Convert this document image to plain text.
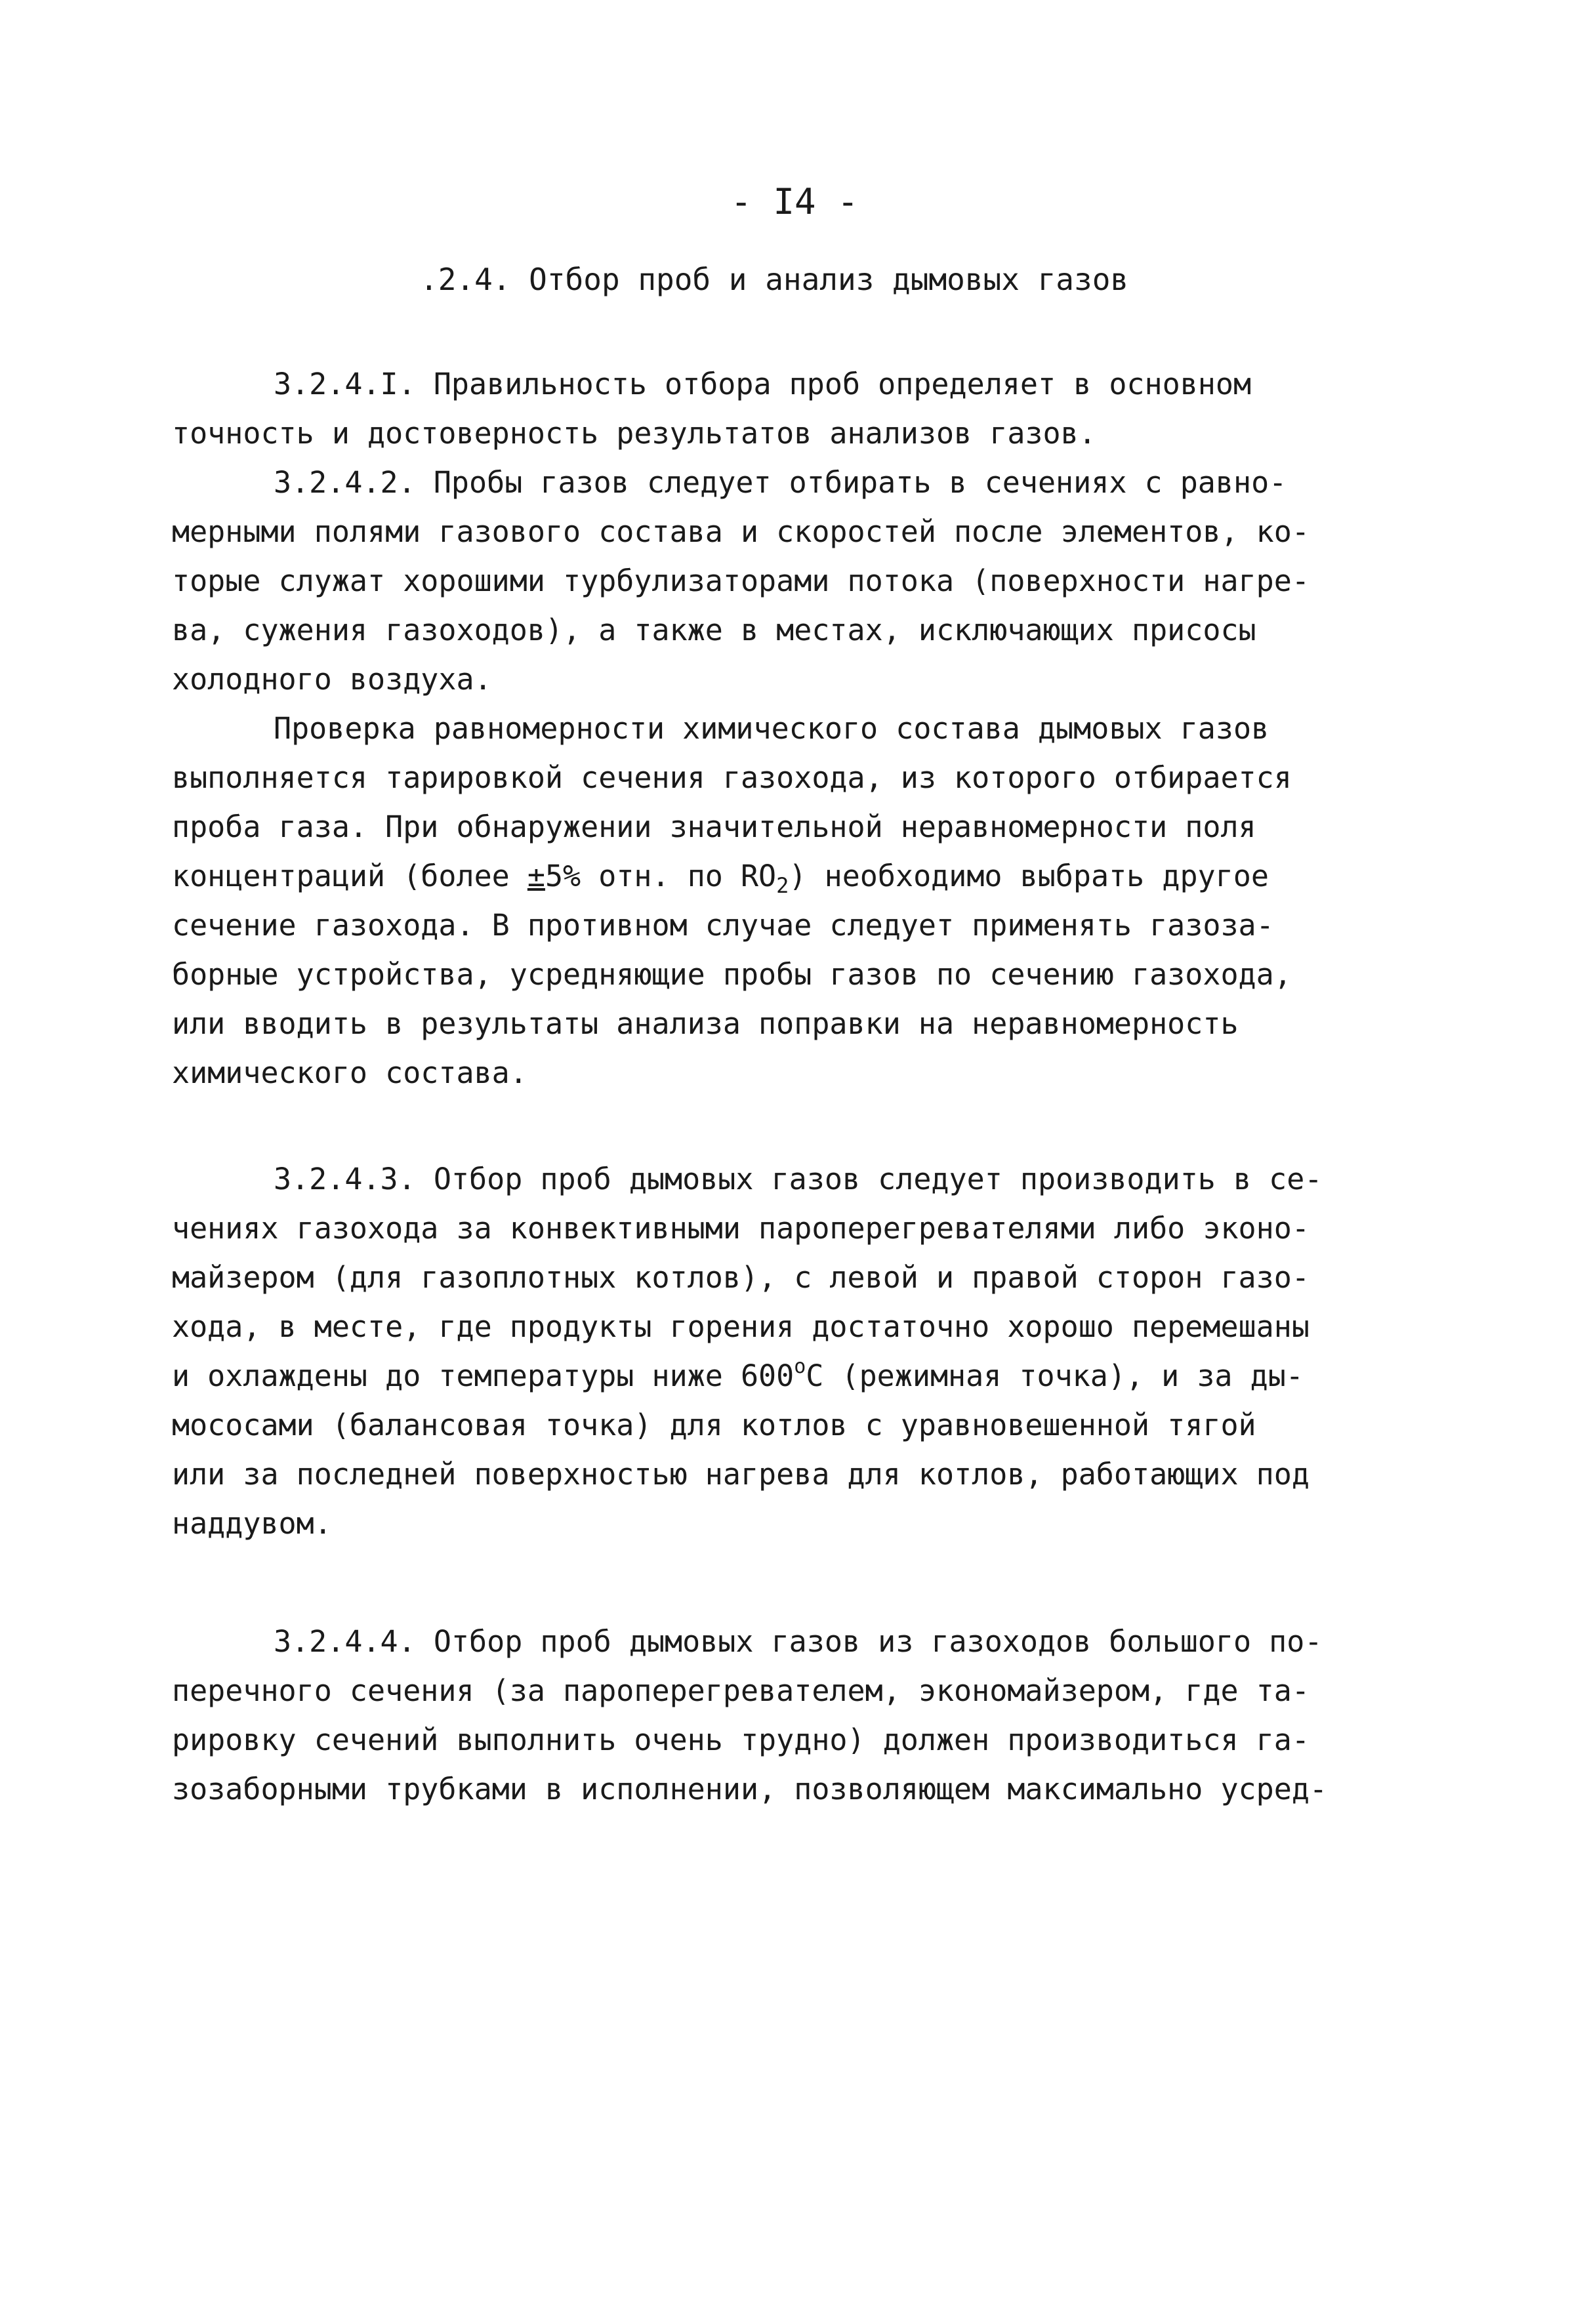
- I4 -
.2.4. Отбор проб и анализ дымовых газов
3.2.4.I. Правильность отбора проб определяет в основном
точность и достоверность результатов анализов газов.
3.2.4.2. Пробы газов следует отбирать в сечениях с равно-
мерными полями газового состава и скоростей после элементов, ко-
торые служат хорошими турбулизаторами потока (поверхности нагре-
ва, сужения газоходов), а также в местах, исключающих присосы
холодного воздуха.
Проверка равномерности химического состава дымовых газов
выполняется тарировкой сечения газохода, из которого отбирается
проба газа. При обнаружении значительной неравномерности поля
концентраций (более ±5% отн. по $RO_2$) необходимо выбрать другое
сечение газохода. В противном случае следует применять газоза-
борные устройства, усредняющие пробы газов по сечению газохода,
или вводить в результаты анализа поправки на неравномерность
химического состава.
3.2.4.3. Отбор проб дымовых газов следует производить в се-
чениях газохода за конвективными пароперегревателями либо эконо-
майзером (для газоплотных котлов), с левой и правой сторон газо-
хода, в месте, где продукты горения достаточно хорошо перемешаны
и охлаждены до температуры ниже $600^оС$ (режимная точка), и за ды-
мососами (балансовая точка) для котлов с уравновешенной тягой
или за последней поверхностью нагрева для котлов, работающих под
наддувом.
3.2.4.4. Отбор проб дымовых газов из газоходов большого по-
перечного сечения (за пароперегревателем, экономайзером, где та-
рировку сечений выполнить очень трудно) должен производиться га-
зозаборными трубками в исполнении, позволяющем максимально усред-
